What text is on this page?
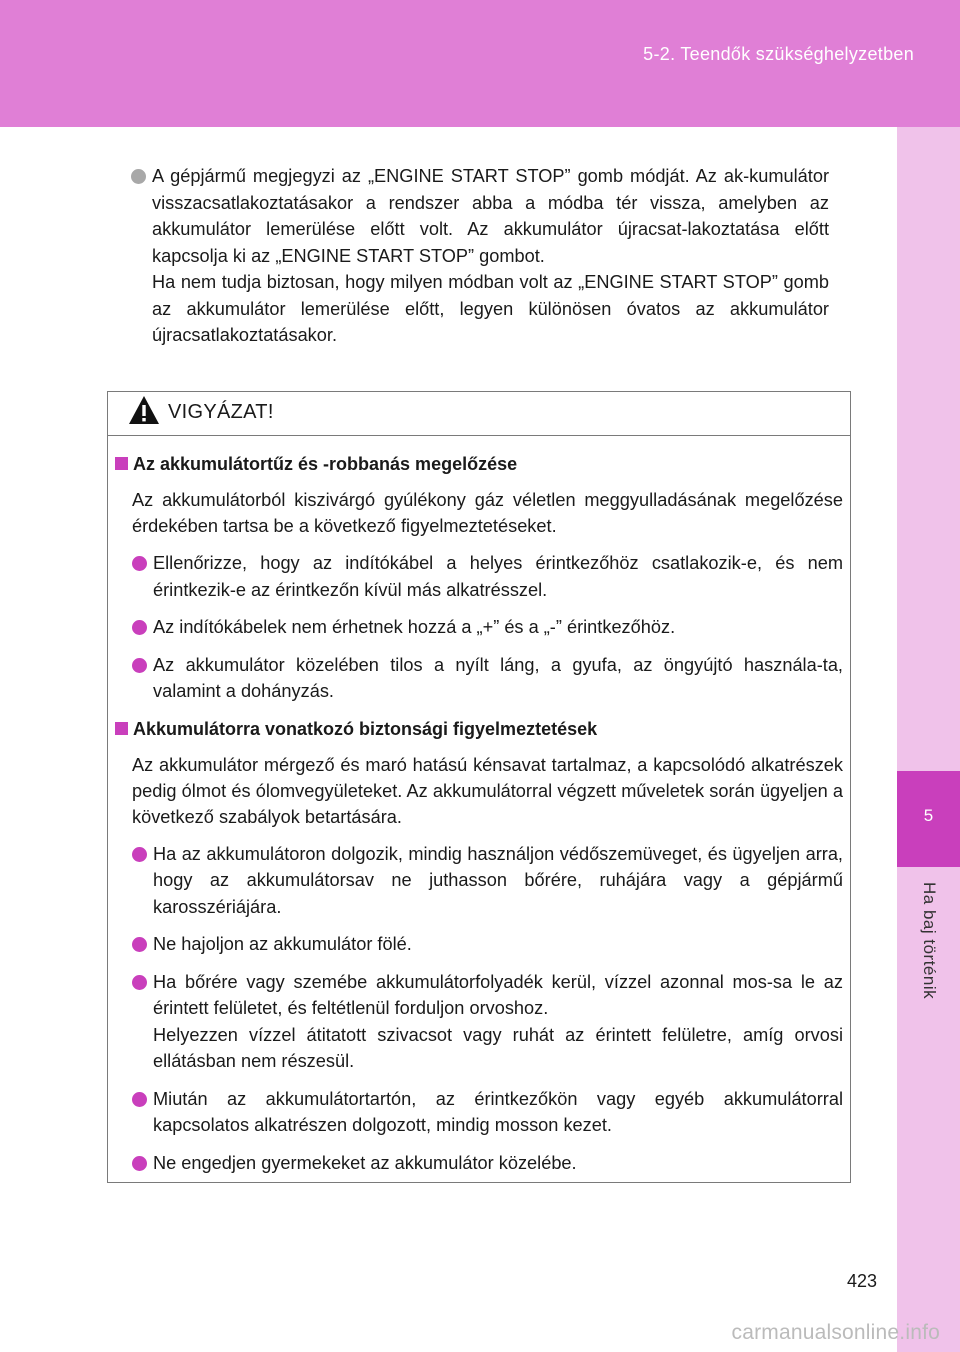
5-2. Teendők szükséghelyzetben
5
Ha baj történik

A gépjármű megjegyzi az „ENGINE START STOP” gomb módját. Az ak-kumulátor visszacsatlakoztatásakor a rendszer abba a módba tér vissza, amelyben az akkumulátor lemerülése előtt volt. Az akkumulátor újracsat-lakoztatása előtt kapcsolja ki az „ENGINE START STOP” gombot.

Ha nem tudja biztosan, hogy milyen módban volt az „ENGINE START STOP” gomb az akkumulátor lemerülése előtt, legyen különösen óvatos az akkumulátor újracsatlakoztatásakor.

VIGYÁZAT!
Az akkumulátortűz és -robbanás megelőzése

Az akkumulátorból kiszivárgó gyúlékony gáz véletlen meggyulladásának megelőzése érdekében tartsa be a következő figyelmeztetéseket.

Ellenőrizze, hogy az indítókábel a helyes érintkezőhöz csatlakozik-e, és nem érintkezik-e az érintkezőn kívül más alkatrésszel.

Az indítókábelek nem érhetnek hozzá a „+” és a „-” érintkezőhöz.

Az akkumulátor közelében tilos a nyílt láng, a gyufa, az öngyújtó használa-ta, valamint a dohányzás.

Akkumulátorra vonatkozó biztonsági figyelmeztetések

Az akkumulátor mérgező és maró hatású kénsavat tartalmaz, a kapcsolódó alkatrészek pedig ólmot és ólomvegyületeket. Az akkumulátorral végzett műveletek során ügyeljen a következő szabályok betartására.

Ha az akkumulátoron dolgozik, mindig használjon védőszemüveget, és ügyeljen arra, hogy az akkumulátorsav ne juthasson bőrére, ruhájára vagy a gépjármű karosszériájára.

Ne hajoljon az akkumulátor fölé.

Ha bőrére vagy szemébe akkumulátorfolyadék kerül, vízzel azonnal mos-sa le az érintett felületet, és feltétlenül forduljon orvoshoz.

Helyezzen vízzel átitatott szivacsot vagy ruhát az érintett felületre, amíg orvosi ellátásban nem részesül.

Miután az akkumulátortartón, az érintkezőkön vagy egyéb akkumulátorral kapcsolatos alkatrészen dolgozott, mindig mosson kezet.

Ne engedjen gyermekeket az akkumulátor közelébe.

423
carmanualsonline.info
